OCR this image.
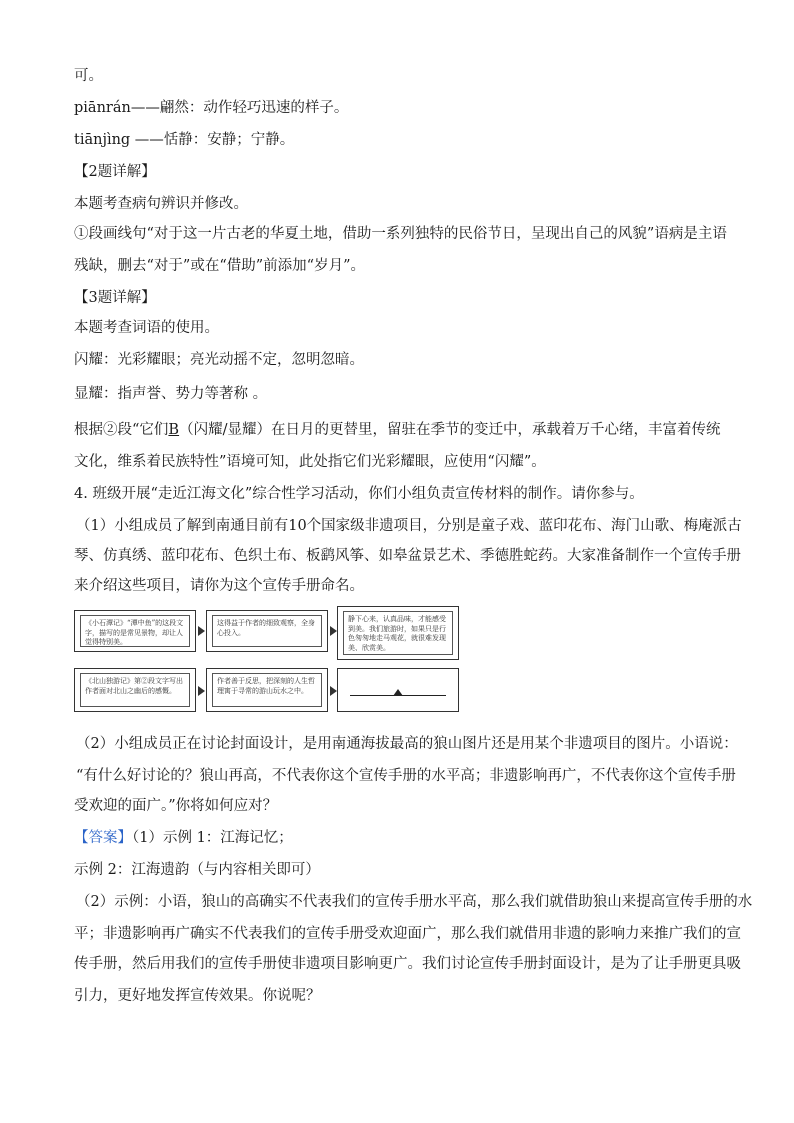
可。
piānrán——翩然：动作轻巧迅速的样子。
tiānjìng ——恬静：安静；宁静。
【2题详解】
本题考查病句辨识并修改。
①段画线句“对于这一片古老的华夏土地，借助一系列独特的民俗节日，呈现出自己的风貌”语病是主语
残缺，删去“对于”或在“借助”前添加“岁月”。
【3题详解】
本题考查词语的使用。
闪耀：光彩耀眼；亮光动摇不定，忽明忽暗。
显耀：指声誉、势力等著称 。
根据②段“它们B（闪耀/显耀）在日月的更替里，留驻在季节的变迁中，承载着万千心绪，丰富着传统
文化，维系着民族特性”语境可知，此处指它们光彩耀眼，应使用“闪耀”。
4. 班级开展“走近江海文化”综合性学习活动，你们小组负责宣传材料的制作。请你参与。
（1）小组成员了解到南通目前有10个国家级非遗项目，分别是童子戏、蓝印花布、海门山歌、梅庵派古
琴、仿真绣、蓝印花布、色织土布、板鹞风筝、如皋盆景艺术、季德胜蛇药。大家准备制作一个宣传手册
来介绍这些项目，请你为这个宣传手册命名。
《小石潭记》“潭中鱼”的这段文字，描写的是常见景物，却让人觉得特别美。
这得益于作者的细致观察，全身心投入。
静下心来，认真品味，才能感受到美。我们旅游时，如果只是行色匆匆地走马观花，就很难发现美、欣赏美。
《北山独游记》第②段文字写出作者面对北山之幽后的感慨。
作者善于反思，把深刻的人生哲理寓于寻常的游山玩水之中。
（2）小组成员正在讨论封面设计，是用南通海拔最高的狼山图片还是用某个非遗项目的图片。小语说：
“有什么好讨论的？狼山再高，不代表你这个宣传手册的水平高；非遗影响再广，不代表你这个宣传手册
受欢迎的面广。”你将如何应对？
【答案】（1）示例 1：江海记忆；
示例 2：江海遗韵（与内容相关即可）
（2）示例：小语，狼山的高确实不代表我们的宣传手册水平高，那么我们就借助狼山来提高宣传手册的水
平；非遗影响再广确实不代表我们的宣传手册受欢迎面广，那么我们就借用非遗的影响力来推广我们的宣
传手册，然后用我们的宣传手册使非遗项目影响更广。我们讨论宣传手册封面设计，是为了让手册更具吸
引力，更好地发挥宣传效果。你说呢？
